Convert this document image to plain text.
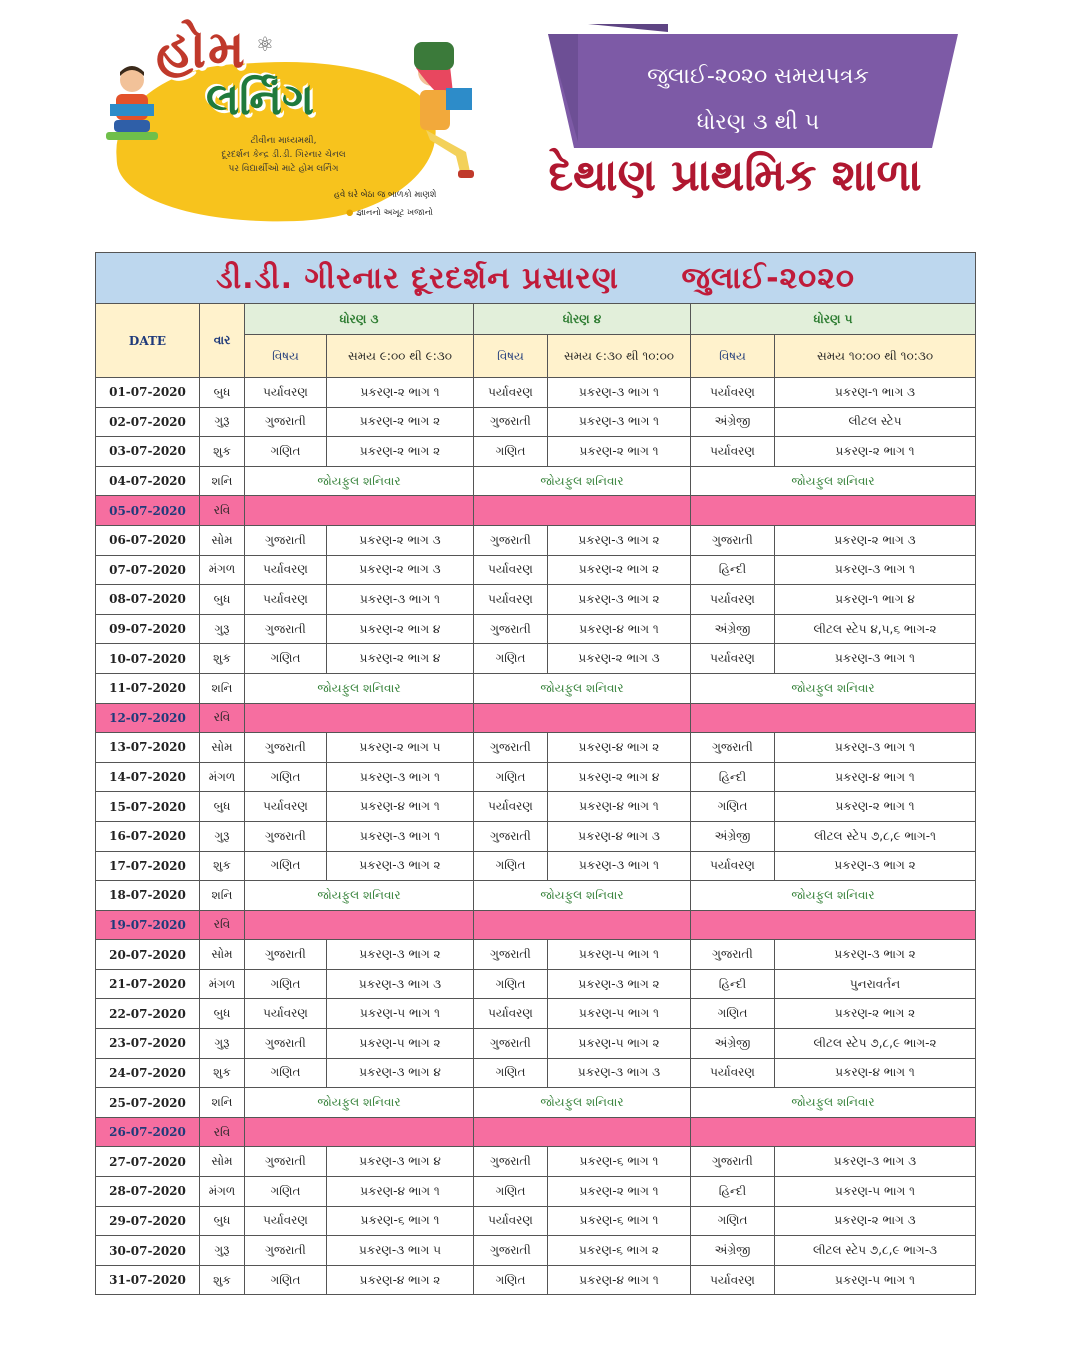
હોમ ⚛
લર્નિંગ
ટીવીના માધ્યમથી,
દૂરદર્શન કેન્દ્ર ડી.ડી. ગિરનાર ચેનલ
પર વિદ્યાર્થીઓ માટે હોમ લર્નિંગ
હવે ઘરે બેઠા જ બાળકો માણશે
● જ્ઞાનનો અખૂટ ખજાનો
જુલાઈ-૨૦૨૦ સમયપત્રક
ધોરણ ૩ થી ૫
દેથાણ પ્રાથમિક શાળા
ડી.ડી. ગીરનાર દૂરદર્શન પ્રસારણ જુલાઈ-૨૦૨૦							
DATE	વાર	ધોરણ ૩		ધોરણ ૪		ધોરણ ૫	
		વિષય	સમય ૯:૦૦ થી ૯:૩૦	વિષય	સમય ૯:૩૦ થી ૧૦:૦૦	વિષય	સમય ૧૦:૦૦ થી ૧૦:૩૦
01-07-2020	બુધ	પર્યાવરણ	પ્રકરણ-૨ ભાગ ૧	પર્યાવરણ	પ્રકરણ-૩ ભાગ ૧	પર્યાવરણ	પ્રકરણ-૧ ભાગ ૩
02-07-2020	ગુરૂ	ગુજરાતી	પ્રકરણ-૨ ભાગ ૨	ગુજરાતી	પ્રકરણ-૩ ભાગ ૧	અંગ્રેજી	લીટલ સ્ટેપ
03-07-2020	શુક	ગણિત	પ્રકરણ-૨ ભાગ ૨	ગણિત	પ્રકરણ-૨ ભાગ ૧	પર્યાવરણ	પ્રકરણ-૨ ભાગ ૧
04-07-2020	શનિ	જોયફુલ શનિવાર		જોયફુલ શનિવાર		જોયફુલ શનિવાર	
05-07-2020	રવિ						
06-07-2020	સોમ	ગુજરાતી	પ્રકરણ-૨ ભાગ ૩	ગુજરાતી	પ્રકરણ-૩ ભાગ ૨	ગુજરાતી	પ્રકરણ-૨ ભાગ ૩
07-07-2020	મંગળ	પર્યાવરણ	પ્રકરણ-૨ ભાગ ૩	પર્યાવરણ	પ્રકરણ-૨ ભાગ ૨	હિન્દી	પ્રકરણ-૩ ભાગ ૧
08-07-2020	બુધ	પર્યાવરણ	પ્રકરણ-૩ ભાગ ૧	પર્યાવરણ	પ્રકરણ-૩ ભાગ ૨	પર્યાવરણ	પ્રકરણ-૧ ભાગ ૪
09-07-2020	ગુરૂ	ગુજરાતી	પ્રકરણ-૨ ભાગ ૪	ગુજરાતી	પ્રકરણ-૪ ભાગ ૧	અંગ્રેજી	લીટલ સ્ટેપ ૪,૫,૬ ભાગ-૨
10-07-2020	શુક	ગણિત	પ્રકરણ-૨ ભાગ ૪	ગણિત	પ્રકરણ-૨ ભાગ ૩	પર્યાવરણ	પ્રકરણ-૩ ભાગ ૧
11-07-2020	શનિ	જોયફુલ શનિવાર		જોયફુલ શનિવાર		જોયફુલ શનિવાર	
12-07-2020	રવિ						
13-07-2020	સોમ	ગુજરાતી	પ્રકરણ-૨ ભાગ ૫	ગુજરાતી	પ્રકરણ-૪ ભાગ ૨	ગુજરાતી	પ્રકરણ-૩ ભાગ ૧
14-07-2020	મંગળ	ગણિત	પ્રકરણ-૩ ભાગ ૧	ગણિત	પ્રકરણ-૨ ભાગ ૪	હિન્દી	પ્રકરણ-૪ ભાગ ૧
15-07-2020	બુધ	પર્યાવરણ	પ્રકરણ-૪ ભાગ ૧	પર્યાવરણ	પ્રકરણ-૪ ભાગ ૧	ગણિત	પ્રકરણ-૨ ભાગ ૧
16-07-2020	ગુરૂ	ગુજરાતી	પ્રકરણ-૩ ભાગ ૧	ગુજરાતી	પ્રકરણ-૪ ભાગ ૩	અંગ્રેજી	લીટલ સ્ટેપ ૭,૮,૯ ભાગ-૧
17-07-2020	શુક	ગણિત	પ્રકરણ-૩ ભાગ ૨	ગણિત	પ્રકરણ-૩ ભાગ ૧	પર્યાવરણ	પ્રકરણ-૩ ભાગ ૨
18-07-2020	શનિ	જોયફુલ શનિવાર		જોયફુલ શનિવાર		જોયફુલ શનિવાર	
19-07-2020	રવિ						
20-07-2020	સોમ	ગુજરાતી	પ્રકરણ-૩ ભાગ ૨	ગુજરાતી	પ્રકરણ-૫ ભાગ ૧	ગુજરાતી	પ્રકરણ-૩ ભાગ ૨
21-07-2020	મંગળ	ગણિત	પ્રકરણ-૩ ભાગ ૩	ગણિત	પ્રકરણ-૩ ભાગ ૨	હિન્દી	પુનરાવર્તન
22-07-2020	બુધ	પર્યાવરણ	પ્રકરણ-૫ ભાગ ૧	પર્યાવરણ	પ્રકરણ-૫ ભાગ ૧	ગણિત	પ્રકરણ-૨ ભાગ ૨
23-07-2020	ગુરૂ	ગુજરાતી	પ્રકરણ-૫ ભાગ ૨	ગુજરાતી	પ્રકરણ-૫ ભાગ ૨	અંગ્રેજી	લીટલ સ્ટેપ ૭,૮,૯ ભાગ-૨
24-07-2020	શુક	ગણિત	પ્રકરણ-૩ ભાગ ૪	ગણિત	પ્રકરણ-૩ ભાગ ૩	પર્યાવરણ	પ્રકરણ-૪ ભાગ ૧
25-07-2020	શનિ	જોયફુલ શનિવાર		જોયફુલ શનિવાર		જોયફુલ શનિવાર	
26-07-2020	રવિ						
27-07-2020	સોમ	ગુજરાતી	પ્રકરણ-૩ ભાગ ૪	ગુજરાતી	પ્રકરણ-૬ ભાગ ૧	ગુજરાતી	પ્રકરણ-૩ ભાગ ૩
28-07-2020	મંગળ	ગણિત	પ્રકરણ-૪ ભાગ ૧	ગણિત	પ્રકરણ-૨ ભાગ ૧	હિન્દી	પ્રકરણ-૫ ભાગ ૧
29-07-2020	બુધ	પર્યાવરણ	પ્રકરણ-૬ ભાગ ૧	પર્યાવરણ	પ્રકરણ-૬ ભાગ ૧	ગણિત	પ્રકરણ-૨ ભાગ ૩
30-07-2020	ગુરૂ	ગુજરાતી	પ્રકરણ-૩ ભાગ ૫	ગુજરાતી	પ્રકરણ-૬ ભાગ ૨	અંગ્રેજી	લીટલ સ્ટેપ ૭,૮,૯ ભાગ-૩
31-07-2020	શુક	ગણિત	પ્રકરણ-૪ ભાગ ૨	ગણિત	પ્રકરણ-૪ ભાગ ૧	પર્યાવરણ	પ્રકરણ-૫ ભાગ ૧
